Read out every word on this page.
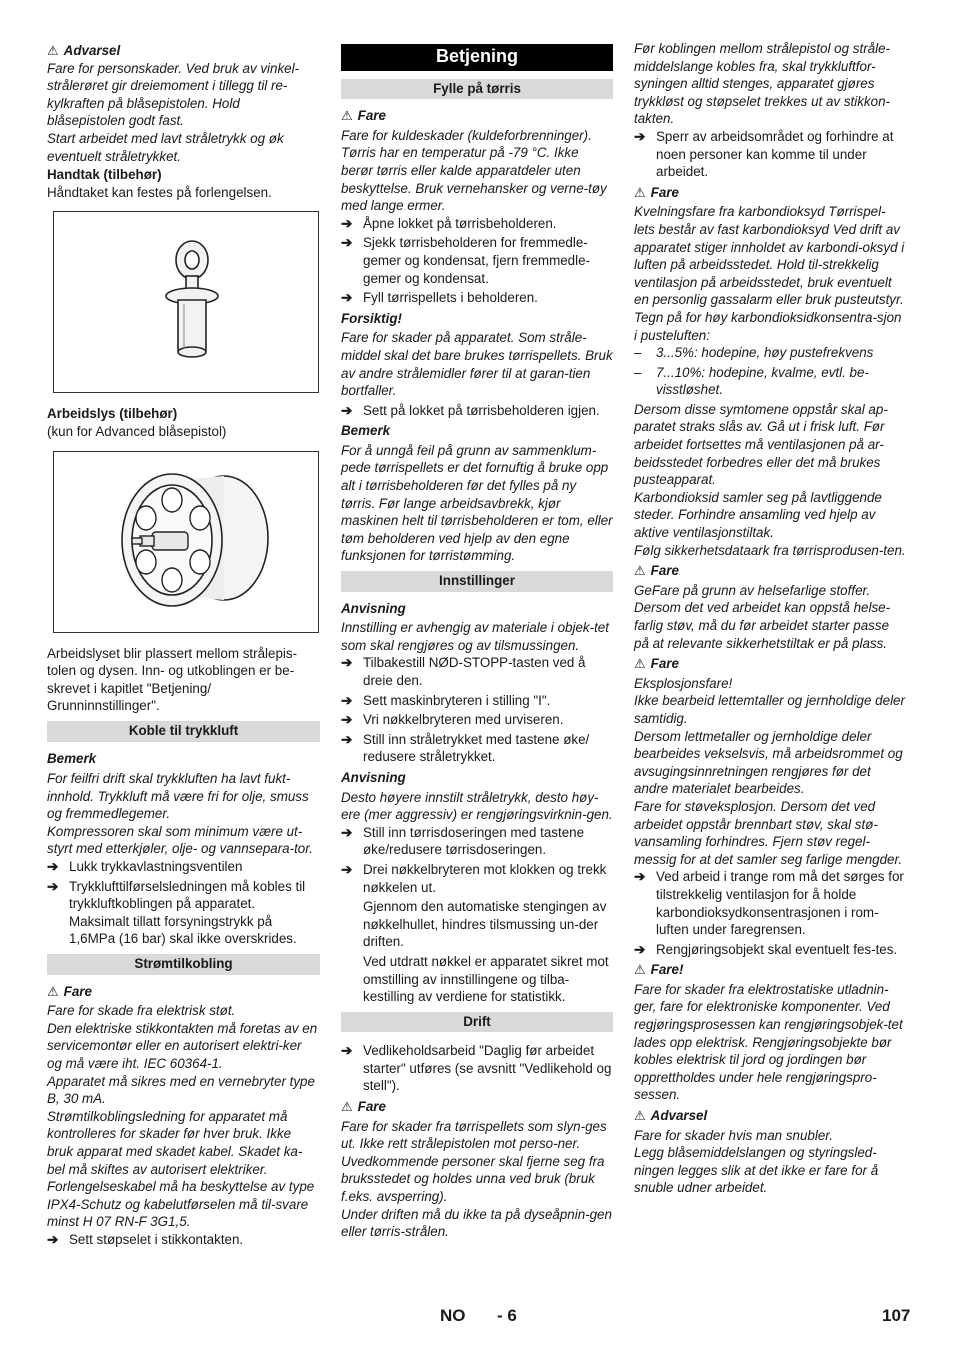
⚠ Advarsel

Fare for personskader. Ved bruk av vinkel-strålerøret gir dreiemoment i tillegg til re-kylkraften på blåsepistolen. Hold blåsepistolen godt fast.

Start arbeidet med lavt stråletrykk og øk eventuelt stråletrykket.

Handtak (tilbehør)

Håndtaket kan festes på forlengelsen.

Arbeidslys (tilbehør)

(kun for Advanced blåsepistol)

Arbeidslyset blir plassert mellom strålepis-tolen og dysen. Inn- og utkoblingen er be-skrevet i kapitlet "Betjening/ Grunninnstillinger".

Koble til trykkluft

Bemerk

For feilfri drift skal trykkluften ha lavt fukt-innhold. Trykkluft må være fri for olje, smuss og fremmedlegemer.

Kompressoren skal som minimum være ut-styrt med etterkjøler, olje- og vannsepara-tor.

➔ Lukk trykkavlastningsventilen
➔ Trykklufttilførselsledningen må kobles til trykkluftkoblingen på apparatet.

Maksimalt tillatt forsyningstrykk på 1,6MPa (16 bar) skal ikke overskrides.

Strømtilkobling

⚠ Fare

Fare for skade fra elektrisk støt.

Den elektriske stikkontakten må foretas av en servicemontør eller en autorisert elektri-ker og må være iht. IEC 60364-1.

Apparatet må sikres med en vernebryter type B, 30 mA.

Strømtilkoblingsledning for apparatet må kontrolleres for skader før hver bruk. Ikke bruk apparat med skadet kabel. Skadet ka-bel må skiftes av autorisert elektriker.

Forlengelseskabel må ha beskyttelse av type IPX4-Schutz og kabelutførselen må til-svare minst H 07 RN-F 3G1,5.

➔ Sett støpselet i stikkontakten.
Betjening
Fylle på tørris

⚠ Fare

Fare for kuldeskader (kuldeforbrenninger). Tørris har en temperatur på -79 °C. Ikke berør tørris eller kalde apparatdeler uten beskyttelse. Bruk vernehansker og verne-tøy med lange ermer.

➔ Åpne lokket på tørrisbeholderen.
➔ Sjekk tørrisbeholderen for fremmedle-gemer og kondensat, fjern fremmedle-gemer og kondensat.
➔ Fyll tørrispellets i beholderen.

Forsiktig!

Fare for skader på apparatet. Som stråle-middel skal det bare brukes tørrispellets. Bruk av andre strålemidler fører til at garan-tien bortfaller.

➔ Sett på lokket på tørrisbeholderen igjen.

Bemerk

For å unngå feil på grunn av sammenklum-pede tørrispellets er det fornuftig å bruke opp alt i tørrisbeholderen før det fylles på ny tørris. Før lange arbeidsavbrekk, kjør maskinen helt til tørrisbeholderen er tom, eller tøm beholderen ved hjelp av den egne funksjonen for tørristømming.

Innstillinger

Anvisning

Innstilling er avhengig av materiale i objek-tet som skal rengjøres og av tilsmussingen.

➔ Tilbakestill NØD-STOPP-tasten ved å dreie den.
➔ Sett maskinbryteren i stilling "I".
➔ Vri nøkkelbryteren med urviseren.
➔ Still inn stråletrykket med tastene øke/ redusere stråletrykket.

Anvisning

Desto høyere innstilt stråletrykk, desto høy-ere (mer aggressiv) er rengjøringsvirknin-gen.

➔ Still inn tørrisdoseringen med tastene øke/redusere tørrisdoseringen.
➔ Drei nøkkelbryteren mot klokken og trekk nøkkelen ut.

Gjennom den automatiske stengingen av nøkkelhullet, hindres tilsmussing un-der driften.

Ved utdratt nøkkel er apparatet sikret mot omstilling av innstillingene og tilba-kestilling av verdiene for statistikk.

Drift
➔ Vedlikeholdsarbeid "Daglig før arbeidet starter" utføres (se avsnitt "Vedlikehold og stell").

⚠ Fare

Fare for skader fra tørrispellets som slyn-ges ut. Ikke rett strålepistolen mot perso-ner. Uvedkommende personer skal fjerne seg fra bruksstedet og holdes unna ved bruk (bruk f.eks. avsperring).

Under driften må du ikke ta på dyseåpnin-gen eller tørris-strålen.

Før koblingen mellom strålepistol og stråle-middelslange kobles fra, skal trykkluftfor-syningen alltid stenges, apparatet gjøres trykkløst og støpselet trekkes ut av stikkon-takten.

➔ Sperr av arbeidsområdet og forhindre at noen personer kan komme til under arbeidet.

⚠ Fare

Kvelningsfare fra karbondioksyd Tørrispel-lets består av fast karbondioksyd Ved drift av apparatet stiger innholdet av karbondi-oksyd i luften på arbeidsstedet. Hold til-strekkelig ventilasjon på arbeidsstedet, bruk eventuelt en personlig gassalarm eller bruk pusteutstyr.

Tegn på for høy karbondioksidkonsentra-sjon i pusteluften:

– 3...5%: hodepine, høy pustefrekvens
– 7...10%: hodepine, kvalme, evtl. be-visstløshet.

Dersom disse symtomene oppstår skal ap-paratet straks slås av. Gå ut i frisk luft. Før arbeidet fortsettes må ventilasjonen på ar-beidsstedet forbedres eller det må brukes pusteapparat.

Karbondioksid samler seg på lavtliggende steder. Forhindre ansamling ved hjelp av aktive ventilasjonstiltak.

Følg sikkerhetsdataark fra tørrisprodusen-ten.

⚠ Fare

GeFare på grunn av helsefarlige stoffer. Dersom det ved arbeidet kan oppstå helse-farlig støv, må du før arbeidet starter passe på at relevante sikkerhetstiltak er på plass.

⚠ Fare

Eksplosjonsfare!

Ikke bearbeid lettemtaller og jernholdige deler samtidig.

Dersom lettmetaller og jernholdige deler bearbeides vekselsvis, må arbeidsrommet og avsugingsinnretningen rengjøres før det andre materialet bearbeides.

Fare for støveksplosjon. Dersom det ved arbeidet oppstår brennbart støv, skal stø-vansamling forhindres. Fjern støv regel-messig for at det samler seg farlige mengder.

➔ Ved arbeid i trange rom må det sørges for tilstrekkelig ventilasjon for å holde karbondioksydkonsentrasjonen i rom-luften under faregrensen.
➔ Rengjøringsobjekt skal eventuelt fes-tes.

⚠ Fare!

Fare for skader fra elektrostatiske utladnin-ger, fare for elektroniske komponenter. Ved regjøringsprosessen kan rengjøringsobjek-tet lades opp elektrisk. Rengjøringsobjekte bør kobles elektrisk til jord og jordingen bør opprettholdes under hele rengjøringspro-sessen.

⚠ Advarsel

Fare for skader hvis man snubler.

Legg blåsemiddelslangen og styringsled-ningen legges slik at det ikke er fare for å snuble udner arbeidet.

NO - 6	107
